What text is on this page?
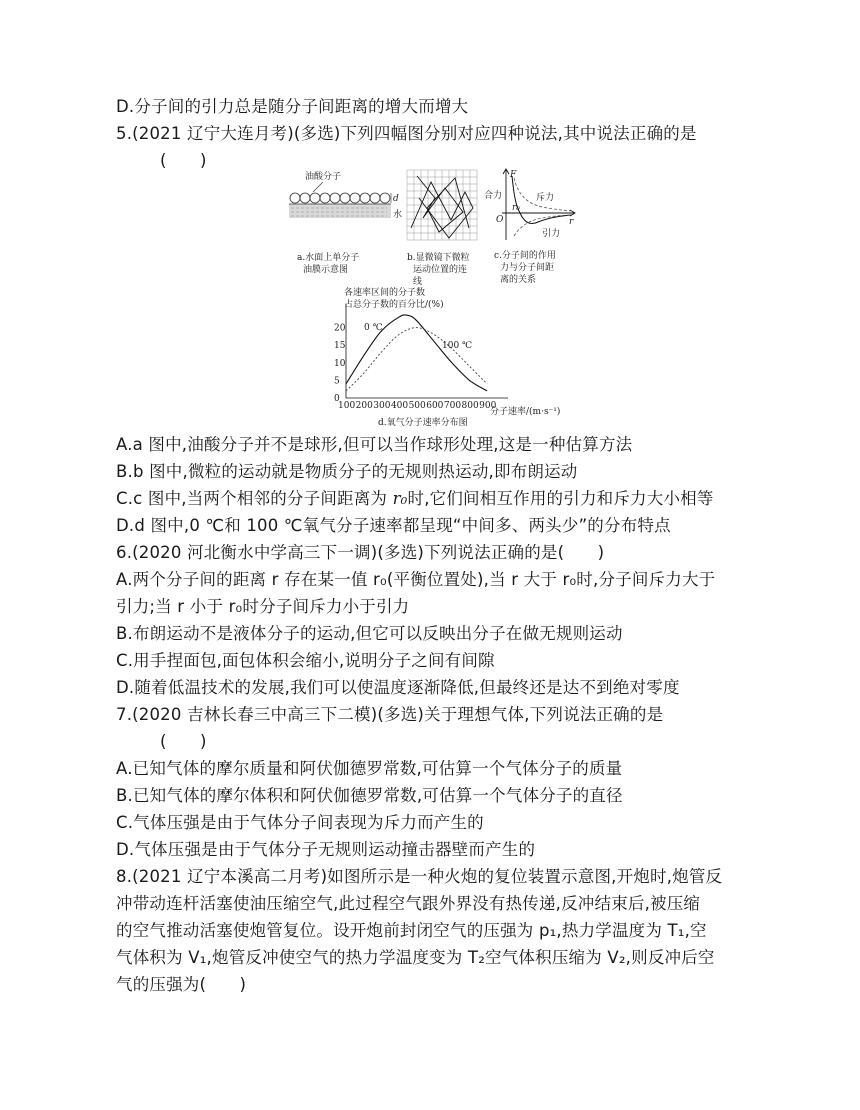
D.分子间的引力总是随分子间距离的增大而增大
5.(2021 辽宁大连月考)(多选)下列四幅图分别对应四种说法,其中说法正确的是
(　　)
油酸分子
d
水
a.水面上单分子
油膜示意图
b.显微镜下微粒
运动位置的连
线
F
合力
O
r₀
r
斥力
引力
c.分子间的作用
力与分子间距
离的关系
各速率区间的分子数
占总分子数的百分比/(%)
100 200 300 400 500 600 700 800 900
0
5
10
15
20 0 ℃
100 ℃
分子速率/(m·s⁻¹)
d.氧气分子速率分布图
A.a 图中,油酸分子并不是球形,但可以当作球形处理,这是一种估算方法
B.b 图中,微粒的运动就是物质分子的无规则热运动,即布朗运动
C.c 图中,当两个相邻的分子间距离为 r₀时,它们间相互作用的引力和斥力大小相等
D.d 图中,0 ℃和 100 ℃氧气分子速率都呈现“中间多、两头少”的分布特点
6.(2020 河北衡水中学高三下一调)(多选)下列说法正确的是(　　)
A.两个分子间的距离 r 存在某一值 r₀(平衡位置处),当 r 大于 r₀时,分子间斥力大于
引力;当 r 小于 r₀时分子间斥力小于引力
B.布朗运动不是液体分子的运动,但它可以反映出分子在做无规则运动
C.用手捏面包,面包体积会缩小,说明分子之间有间隙
D.随着低温技术的发展,我们可以使温度逐渐降低,但最终还是达不到绝对零度
7.(2020 吉林长春三中高三下二模)(多选)关于理想气体,下列说法正确的是
(　　)
A.已知气体的摩尔质量和阿伏伽德罗常数,可估算一个气体分子的质量
B.已知气体的摩尔体积和阿伏伽德罗常数,可估算一个气体分子的直径
C.气体压强是由于气体分子间表现为斥力而产生的
D.气体压强是由于气体分子无规则运动撞击器壁而产生的
8.(2021 辽宁本溪高二月考)如图所示是一种火炮的复位装置示意图,开炮时,炮管反
冲带动连杆活塞使油压缩空气,此过程空气跟外界没有热传递,反冲结束后,被压缩
的空气推动活塞使炮管复位。设开炮前封闭空气的压强为 p₁,热力学温度为 T₁,空
气体积为 V₁,炮管反冲使空气的热力学温度变为 T₂空气体积压缩为 V₂,则反冲后空
气的压强为(　　)
